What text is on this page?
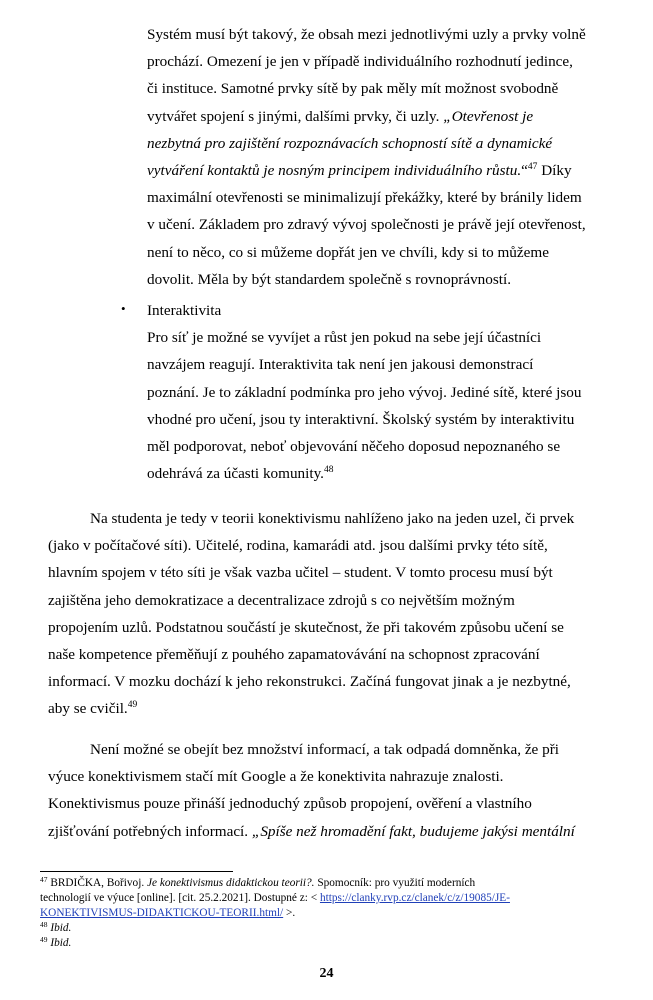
Systém musí být takový, že obsah mezi jednotlivými uzly a prvky volně
prochází. Omezení je jen v případě individuálního rozhodnutí jedince,
či instituce. Samotné prvky sítě by pak měly mít možnost svobodně
vytvářet spojení s jinými, dalšími prvky, či uzly. „Otevřenost je
nezbytná pro zajištění rozpoznávacích schopností sítě a dynamické
vytváření kontaktů je nosným principem individuálního růstu.“$^{47}$ Díky
maximální otevřenosti se minimalizují překážky, které by bránily lidem
v učení. Základem pro zdravý vývoj společnosti je právě její otevřenost,
není to něco, co si můžeme dopřát jen ve chvíli, kdy si to můžeme
dovolit. Měla by být standardem společně s rovnoprávností.
• Interaktivita
Pro síť je možné se vyvíjet a růst jen pokud na sebe její účastníci
navzájem reagují. Interaktivita tak není jen jakousi demonstrací
poznání. Je to základní podmínka pro jeho vývoj. Jediné sítě, které jsou
vhodné pro učení, jsou ty interaktivní. Školský systém by interaktivitu
měl podporovat, neboť objevování něčeho doposud nepoznaného se
odehrává za účasti komunity.$^{48}$
Na studenta je tedy v teorii konektivismu nahlíženo jako na jeden uzel, či prvek
(jako v počítačové síti). Učitelé, rodina, kamarádi atd. jsou dalšími prvky této sítě,
hlavním spojem v této síti je však vazba učitel – student. V tomto procesu musí být
zajištěna jeho demokratizace a decentralizace zdrojů s co největším možným
propojením uzlů. Podstatnou součástí je skutečnost, že při takovém způsobu učení se
naše kompetence přeměňují z pouhého zapamatovávání na schopnost zpracování
informací. V mozku dochází k jeho rekonstrukci. Začíná fungovat jinak a je nezbytné,
aby se cvičil.$^{49}$
Není možné se obejít bez množství informací, a tak odpadá domněnka, že při
výuce konektivismem stačí mít Google a že konektivita nahrazuje znalosti.
Konektivismus pouze přináší jednoduchý způsob propojení, ověření a vlastního
zjišťování potřebných informací. „Spíše než hromadění fakt, budujeme jakýsi mentální
$^{47}$ BRDIČKA, Bořivoj. Je konektivismus didaktickou teorii?. Spomocník: pro využití moderních
technologií ve výuce [online]. [cit. 25.2.2021]. Dostupné z: < https://clanky.rvp.cz/clanek/c/z/19085/JE-
KONEKTIVISMUS-DIDAKTICKOU-TEORII.html/ >.
$^{48}$ Ibid.
$^{49}$ Ibid.
24
